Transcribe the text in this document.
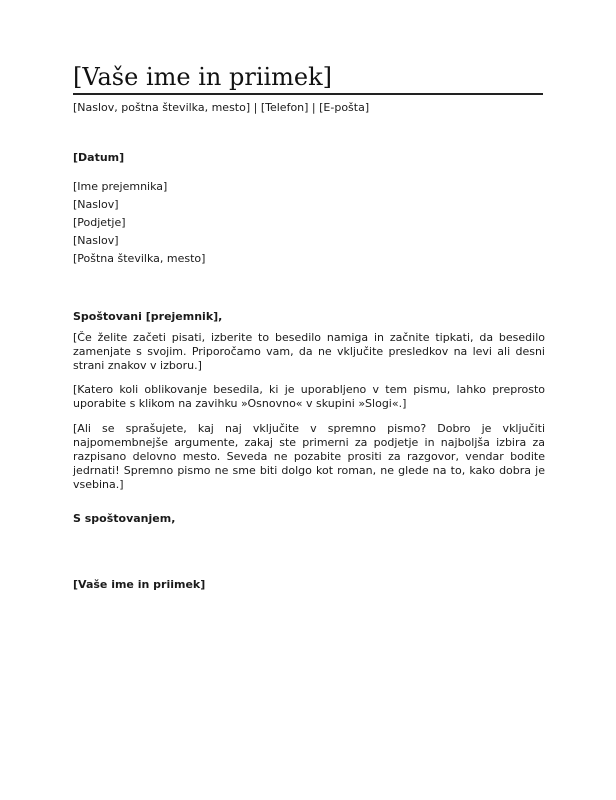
[Vaše ime in priimek]
[Naslov, poštna številka, mesto] | [Telefon] | [E-pošta]
[Datum]
[Ime prejemnika]
[Naslov]
[Podjetje]
[Naslov]
[Poštna številka, mesto]
Spoštovani [prejemnik],
[Če želite začeti pisati, izberite to besedilo namiga in začnite tipkati, da besedilo zamenjate s svojim. Priporočamo vam, da ne vključite presledkov na levi ali desni strani znakov v izboru.]
[Katero koli oblikovanje besedila, ki je uporabljeno v tem pismu, lahko preprosto uporabite s klikom na zavihku »Osnovno« v skupini »Slogi«.]
[Ali se sprašujete, kaj naj vključite v spremno pismo? Dobro je vključiti najpomembnejše argumente, zakaj ste primerni za podjetje in najboljša izbira za razpisano delovno mesto. Seveda ne pozabite prositi za razgovor, vendar bodite jedrnati! Spremno pismo ne sme biti dolgo kot roman, ne glede na to, kako dobra je vsebina.]
S spoštovanjem,
[Vaše ime in priimek]
